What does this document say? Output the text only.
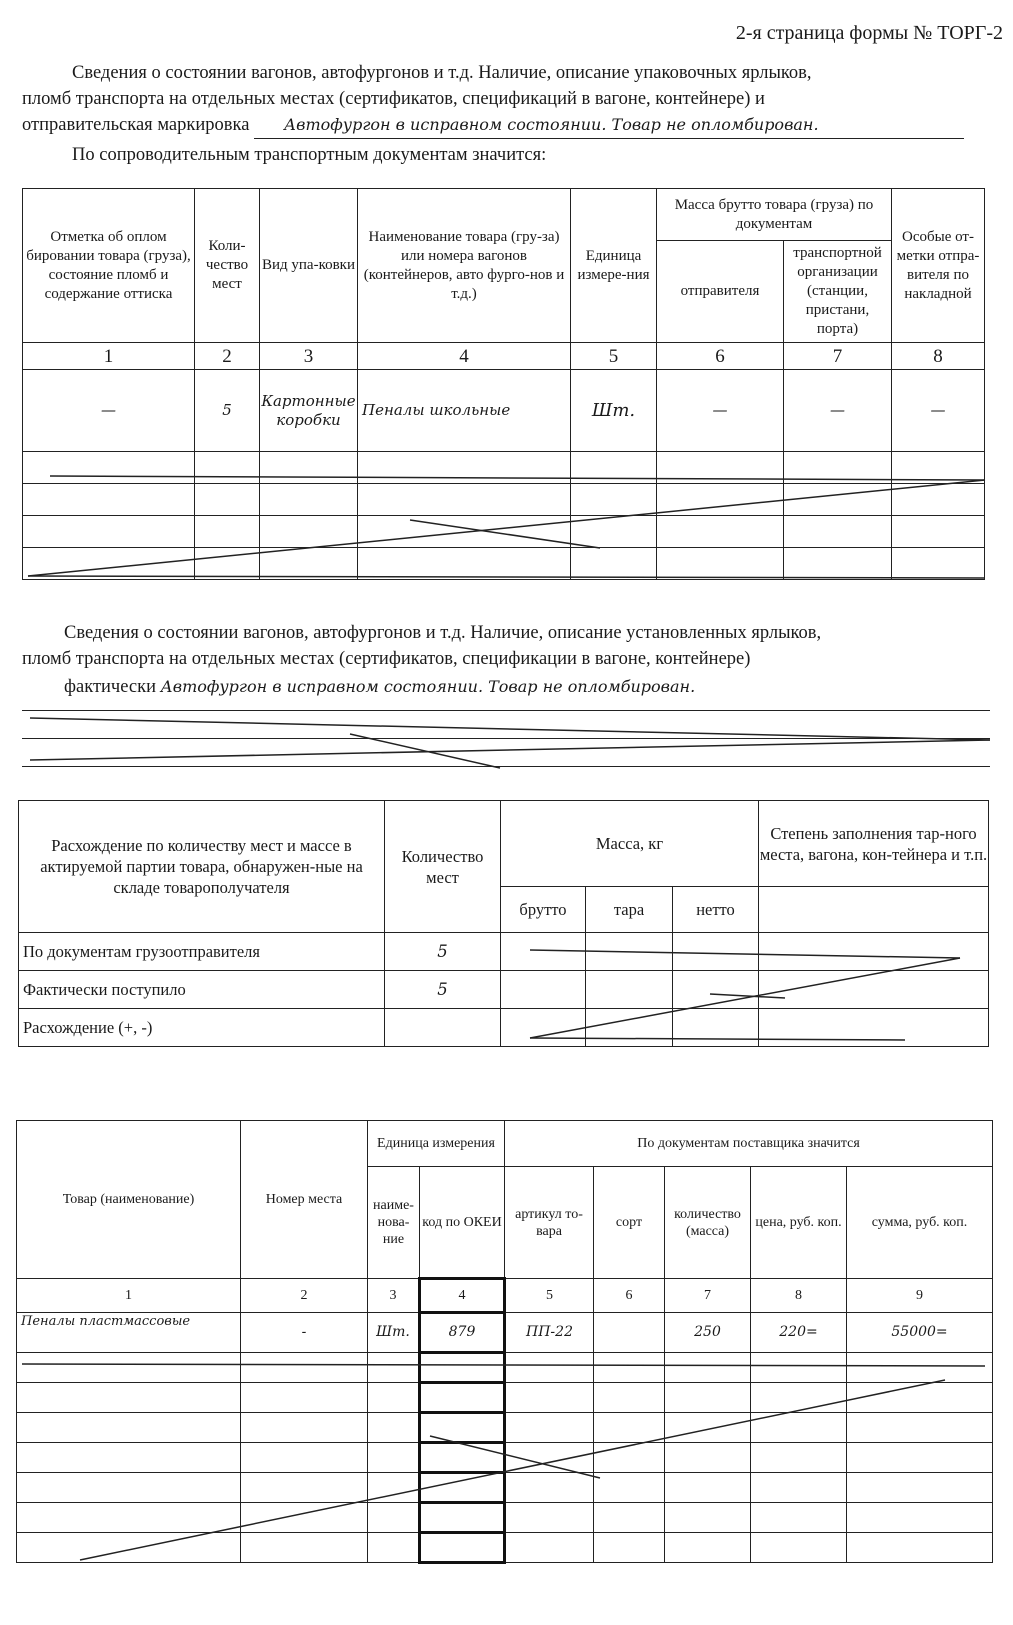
2-я страница формы № ТОРГ-2
Сведения о состоянии вагонов, автофургонов и т.д. Наличие, описание упаковочных ярлыков,
пломб транспорта на отдельных местах (сертификатов, спецификаций в вагоне, контейнере) и
отправительская маркировка Автофургон в исправном состоянии. Товар не опломбирован.
По сопроводительным транспортным документам значится:
Отметка об оплом бировании товара (груза), состояние пломб и содержание оттиска	Коли-чество мест	Вид упа-ковки	Наименование товара (гру-за) или номера вагонов (контейнеров, авто фурго-нов и т.д.)	Единица измере-ния	Масса брутто товара (груза) по документам		Особые от-метки отпра-вителя по накладной
					отправителя	транспортной организации (станции, пристани, порта)	
1	2	3	4	5	6	7	8
—	5	Картонные коробки	Пеналы школьные	Шт.	—	—	—

Сведения о состоянии вагонов, автофургонов и т.д. Наличие, описание установленных ярлыков,
пломб транспорта на отдельных местах (сертификатов, спецификации в вагоне, контейнере)
фактически Автофургон в исправном состоянии. Товар не опломбирован.
Расхождение по количеству мест и массе в актируемой партии товара, обнаружен-ные на складе товарополучателя	Количество мест	Масса, кг			Степень заполнения тар-ного места, вагона, кон-тейнера и т.п.
		брутто	тара	нетто	
По документам грузоотправителя	5				
Фактически поступило	5				
Расхождение (+, -)					
Товар (наименование)	Номер места	Единица измерения		По документам поставщика значится				
		наиме-нова-ние	код по ОКЕИ	артикул то-вара	сорт	количество (масса)	цена, руб. коп.	сумма, руб. коп.
1	2	3	4	5	6	7	8	9
Пеналы пластмассовые	-	Шт.	879	ПП-22		250	220=	55000=
